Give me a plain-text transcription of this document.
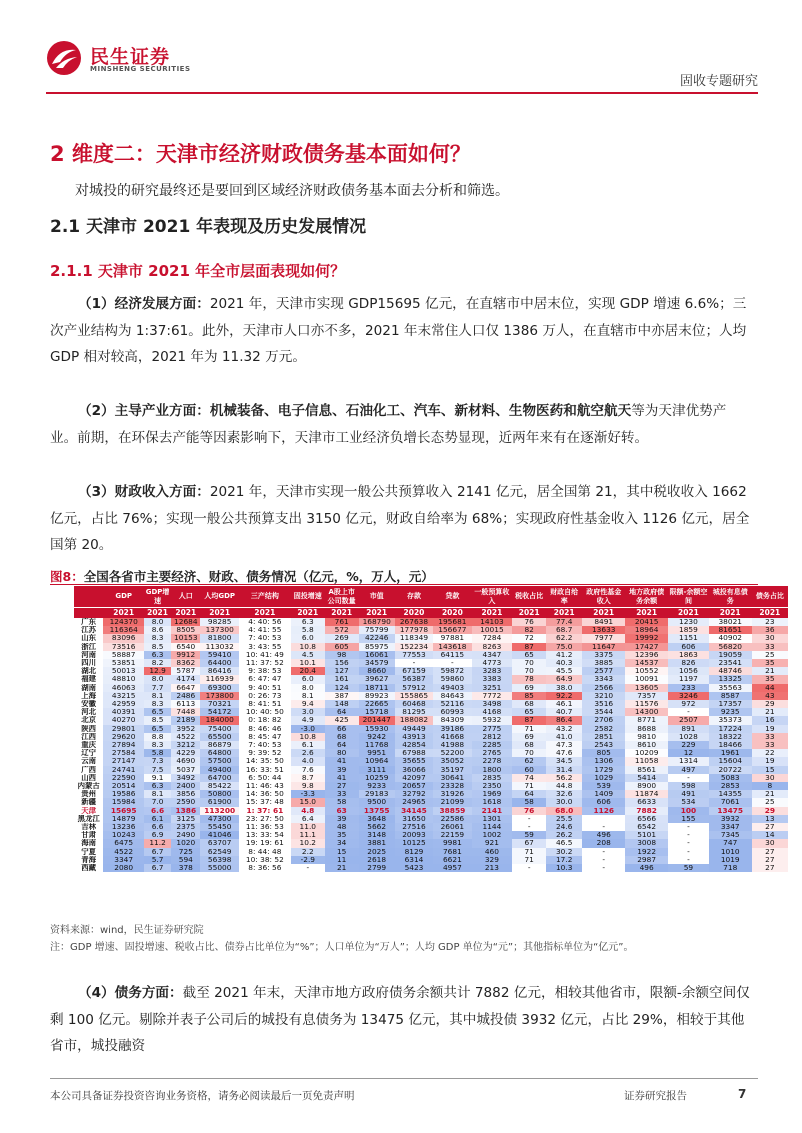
民生证券
MINSHENG SECURITIES
固收专题研究
2 维度二：天津市经济财政债务基本面如何？
对城投的研究最终还是要回到区域经济财政债务基本面去分析和筛选。
2.1 天津市 2021 年表现及历史发展情况
2.1.1 天津市 2021 年全市层面表现如何？
（1）经济发展方面：2021 年，天津市实现 GDP15695 亿元，在直辖市中居末位，实现 GDP 增速 6.6%；三次产业结构为 1:37:61。此外，天津市人口亦不多，2021 年末常住人口仅 1386 万人，在直辖市中亦居末位；人均 GDP 相对较高，2021 年为 11.32 万元。
（2）主导产业方面：机械装备、电子信息、石油化工、汽车、新材料、生物医药和航空航天等为天津优势产业。前期，在环保去产能等因素影响下，天津市工业经济负增长态势显现，近两年来有在逐渐好转。
（3）财政收入方面：2021 年，天津市实现一般公共预算收入 2141 亿元，居全国第 21，其中税收收入 1662 亿元，占比 76%；实现一般公共预算支出 3150 亿元，财政自给率为 68%；实现政府性基金收入 1126 亿元，居全国第 20。
图8：全国各省市主要经济、财政、债务情况（亿元，%，万人，元）
	GDP	GDP增速	人口	人均GDP	三产结构	固投增速	A股上市公司数量	市值	存款	贷款	一般预算收入	税收占比	财政自给率	政府性基金收入	地方政府债务余额	限额-余额空间	城投有息债务	债务占比
	2021	2021	2021	2021	2021	2021	2021	2021	2020	2020	2021	2021	2021	2021	2021	2021	2021	2021
广东	124370	8.0	12684	98285	4: 40: 56	6.3	761	168790	267638	195681	14103	76	77.4	8491	20415	1230	38021	23
江苏	116364	8.6	8505	137300	4: 41: 55	5.8	572	75799	177978	156677	10015	82	68.7	13633	18964	1859	81651	36
山东	83096	8.3	10153	81800	7: 40: 53	6.0	269	42246	118349	97881	7284	72	62.2	7977	19992	1151	40902	30
浙江	73516	8.5	6540	113032	3: 43: 55	10.8	605	85975	152234	143618	8263	87	75.0	11647	17427	606	56820	33
河南	58887	6.3	9912	59410	10: 41: 49	4.5	98	16061	77553	64115	4347	65	41.2	3375	12396	1863	19059	25
四川	53851	8.2	8362	64400	11: 37: 52	10.1	156	34579	-	-	4773	70	40.3	3885	14537	826	23541	35
湖北	50013	12.9	5787	86416	9: 38: 53	20.4	127	8660	67159	59872	3283	70	45.5	2577	10552	1056	48746	21
福建	48810	8.0	4174	116939	6: 47: 47	6.0	161	39627	56387	59860	3383	78	64.9	3343	10091	1197	13325	35
湖南	46063	7.7	6647	69300	9: 40: 51	8.0	124	18711	57912	49403	3251	69	38.0	2566	13605	233	35563	44
上海	43215	8.1	2486	173800	0: 26: 73	8.1	387	89923	155865	84643	7772	85	92.2	3210	7357	3246	8587	43
安徽	42959	8.3	6113	70321	8: 41: 51	9.4	148	22665	60468	52116	3498	68	46.1	3516	11576	972	17357	29
河北	40391	6.5	7448	54172	10: 40: 50	3.0	64	15718	81295	60993	4168	65	40.7	3544	14300	-	9235	21
北京	40270	8.5	2189	184000	0: 18: 82	4.9	425	201447	188082	84309	5932	87	86.4	2706	8771	2507	35373	16
陕西	29801	6.5	3952	75400	8: 46: 46	-3.0	66	15930	49449	39186	2775	71	43.2	2582	8688	891	17224	19
江西	29620	8.8	4522	65500	8: 45: 47	10.8	68	9242	43913	41668	2812	69	41.0	2851	9810	1028	18322	33
重庆	27894	8.3	3212	86879	7: 40: 53	6.1	64	11768	42854	41988	2285	68	47.3	2543	8610	229	18466	33
辽宁	27584	5.8	4229	64800	9: 39: 52	2.6	80	9951	67988	52200	2765	70	47.6	805	10209	12	1961	22
云南	27147	7.3	4690	57500	14: 35: 50	4.0	41	10964	35655	35052	2278	62	34.5	1306	11058	1314	15604	19
广西	24741	7.5	5037	49400	16: 33: 51	7.6	39	3111	36066	35197	1800	60	31.4	1729	8561	497	20722	15
山西	22590	9.1	3492	64700	6: 50: 44	8.7	41	10259	42097	30641	2835	74	56.2	1029	5414	-	5083	30
内蒙古	20514	6.3	2400	85422	11: 46: 43	9.8	27	9233	20657	23328	2350	71	44.8	539	8900	598	2853	8
贵州	19586	8.1	3856	50800	14: 36: 50	-3.3	33	29183	32792	31926	1969	64	32.6	1409	11874	491	14355	21
新疆	15984	7.0	2590	61900	15: 37: 48	15.0	58	9500	24965	21099	1618	58	30.0	606	6633	534	7061	25
天津	15695	6.6	1386	113200	1: 37: 61	4.8	63	13755	34145	38859	2141	76	68.0	1126	7882	100	13475	29
黑龙江	14879	6.1	3125	47300	23: 27: 50	6.4	39	3648	31650	22586	1301	-	25.5		6566	155	3932	13
吉林	13236	6.6	2375	55450	11: 36: 53	11.0	48	5662	27516	26061	1144	-	24.6	-	6542	-	3347	27
甘肃	10243	6.9	2490	41046	13: 33: 54	11.1	35	3148	20093	22159	1002	59	26.2	496	5101	-	7345	14
海南	6475	11.2	1020	63707	19: 19: 61	10.2	34	3881	10125	9981	921	67	46.5	208	3008	-	747	30
宁夏	4522	6.7	725	62549	8: 44: 48	2.2	15	2025	8129	7681	460	71	30.2	-	1922	-	1010	27
青海	3347	5.7	594	56398	10: 38: 52	-2.9	11	2618	6314	6621	329	71	17.2	-	2987	-	1019	27
西藏	2080	6.7	378	55000	8: 36: 56	-	21	2799	5423	4957	213	-	10.3	-	496	59	718	27
资料来源：wind，民生证券研究院
注：GDP 增速、固投增速、税收占比、债券占比单位为“%”；人口单位为“万人”；人均 GDP 单位为“元”；其他指标单位为“亿元”。
（4）债务方面：截至 2021 年末，天津市地方政府债务余额共计 7882 亿元，相较其他省市，限额-余额空间仅剩 100 亿元。剔除并表子公司后的城投有息债务为 13475 亿元，其中城投债 3932 亿元，占比 29%，相较于其他省市，城投融资
本公司具备证券投资咨询业务资格，请务必阅读最后一页免责声明	证券研究报告	7
